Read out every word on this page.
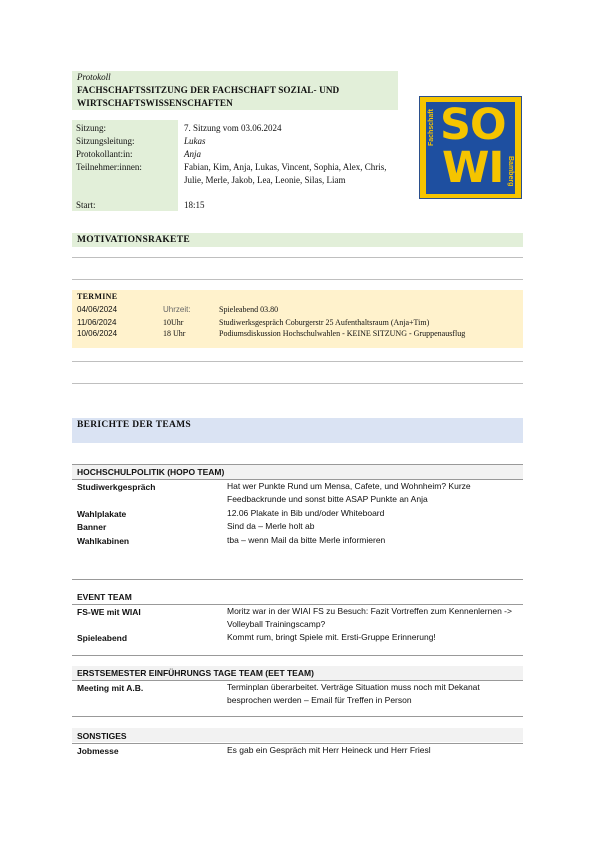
Protokoll
FACHSCHAFTSSITZUNG DER FACHSCHAFT SOZIAL- UND
WIRTSCHAFTSWISSENSCHAFTEN
Sitzung:	7. Sitzung vom 03.06.2024
Sitzungsleitung:	Lukas
Protokollant:in:	Anja
Teilnehmer:innen:	Fabian, Kim, Anja, Lukas, Vincent, Sophia, Alex, Chris, Julie, Merle, Jakob, Lea, Leonie, Silas, Liam
Start:	18:15
SO
WI
Fachschaft
Bamberg
MOTIVATIONSRAKETE
TERMINE
04/06/2024	Uhrzeit:	Spieleabend 03.80
11/06/2024	10Uhr	Studiwerksgespräch Coburgerstr 25 Aufenthaltsraum (Anja+Tim)
10/06/2024	18 Uhr	Podiumsdiskussion Hochschulwahlen - KEINE SITZUNG - Gruppenausflug
BERICHTE DER TEAMS
HOCHSCHULPOLITIK (HOPO TEAM)
Studiwerkgespräch	Hat wer Punkte Rund um Mensa, Cafete, und Wohnheim? Kurze Feedbackrunde und sonst bitte ASAP Punkte an Anja
Wahlplakate	12.06 Plakate in Bib und/oder Whiteboard
Banner	Sind da – Merle holt ab
Wahlkabinen	tba – wenn Mail da bitte Merle informieren
EVENT TEAM
FS-WE mit WIAI	Moritz war in der WIAI FS zu Besuch: Fazit Vortreffen zum Kennenlernen -> Volleyball Trainingscamp?
Spieleabend	Kommt rum, bringt Spiele mit. Ersti-Gruppe Erinnerung!
ERSTSEMESTER EINFÜHRUNGS TAGE TEAM (EET TEAM)
Meeting mit A.B.	Terminplan überarbeitet. Verträge Situation muss noch mit Dekanat besprochen werden – Email für Treffen in Person
SONSTIGES
Jobmesse	Es gab ein Gespräch mit Herr Heineck und Herr Friesl
